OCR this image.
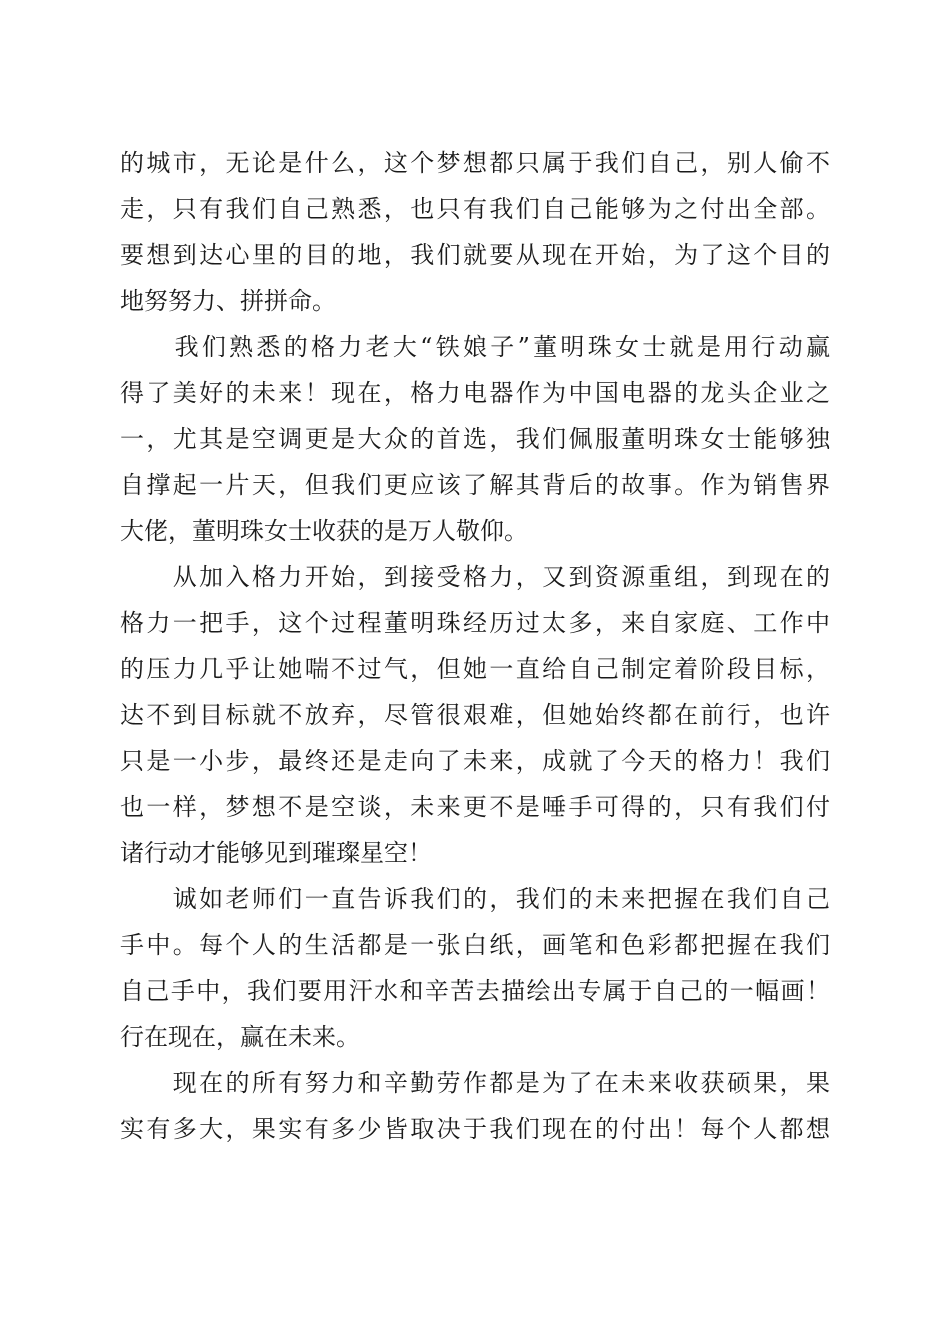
的城市，无论是什么，这个梦想都只属于我们自己，别人偷不
走，只有我们自己熟悉，也只有我们自己能够为之付出全部。
要想到达心里的目的地，我们就要从现在开始，为了这个目的
地努努力、拼拼命。
　　我们熟悉的格力老大“铁娘子”董明珠女士就是用行动赢
得了美好的未来！现在，格力电器作为中国电器的龙头企业之
一，尤其是空调更是大众的首选，我们佩服董明珠女士能够独
自撑起一片天，但我们更应该了解其背后的故事。作为销售界
大佬，董明珠女士收获的是万人敬仰。
　　从加入格力开始，到接受格力，又到资源重组，到现在的
格力一把手，这个过程董明珠经历过太多，来自家庭、工作中
的压力几乎让她喘不过气，但她一直给自己制定着阶段目标，
达不到目标就不放弃，尽管很艰难，但她始终都在前行，也许
只是一小步，最终还是走向了未来，成就了今天的格力！我们
也一样，梦想不是空谈，未来更不是唾手可得的，只有我们付
诸行动才能够见到璀璨星空！
　　诚如老师们一直告诉我们的，我们的未来把握在我们自己
手中。每个人的生活都是一张白纸，画笔和色彩都把握在我们
自己手中，我们要用汗水和辛苦去描绘出专属于自己的一幅画！
行在现在，赢在未来。
　　现在的所有努力和辛勤劳作都是为了在未来收获硕果，果
实有多大，果实有多少皆取决于我们现在的付出！每个人都想
